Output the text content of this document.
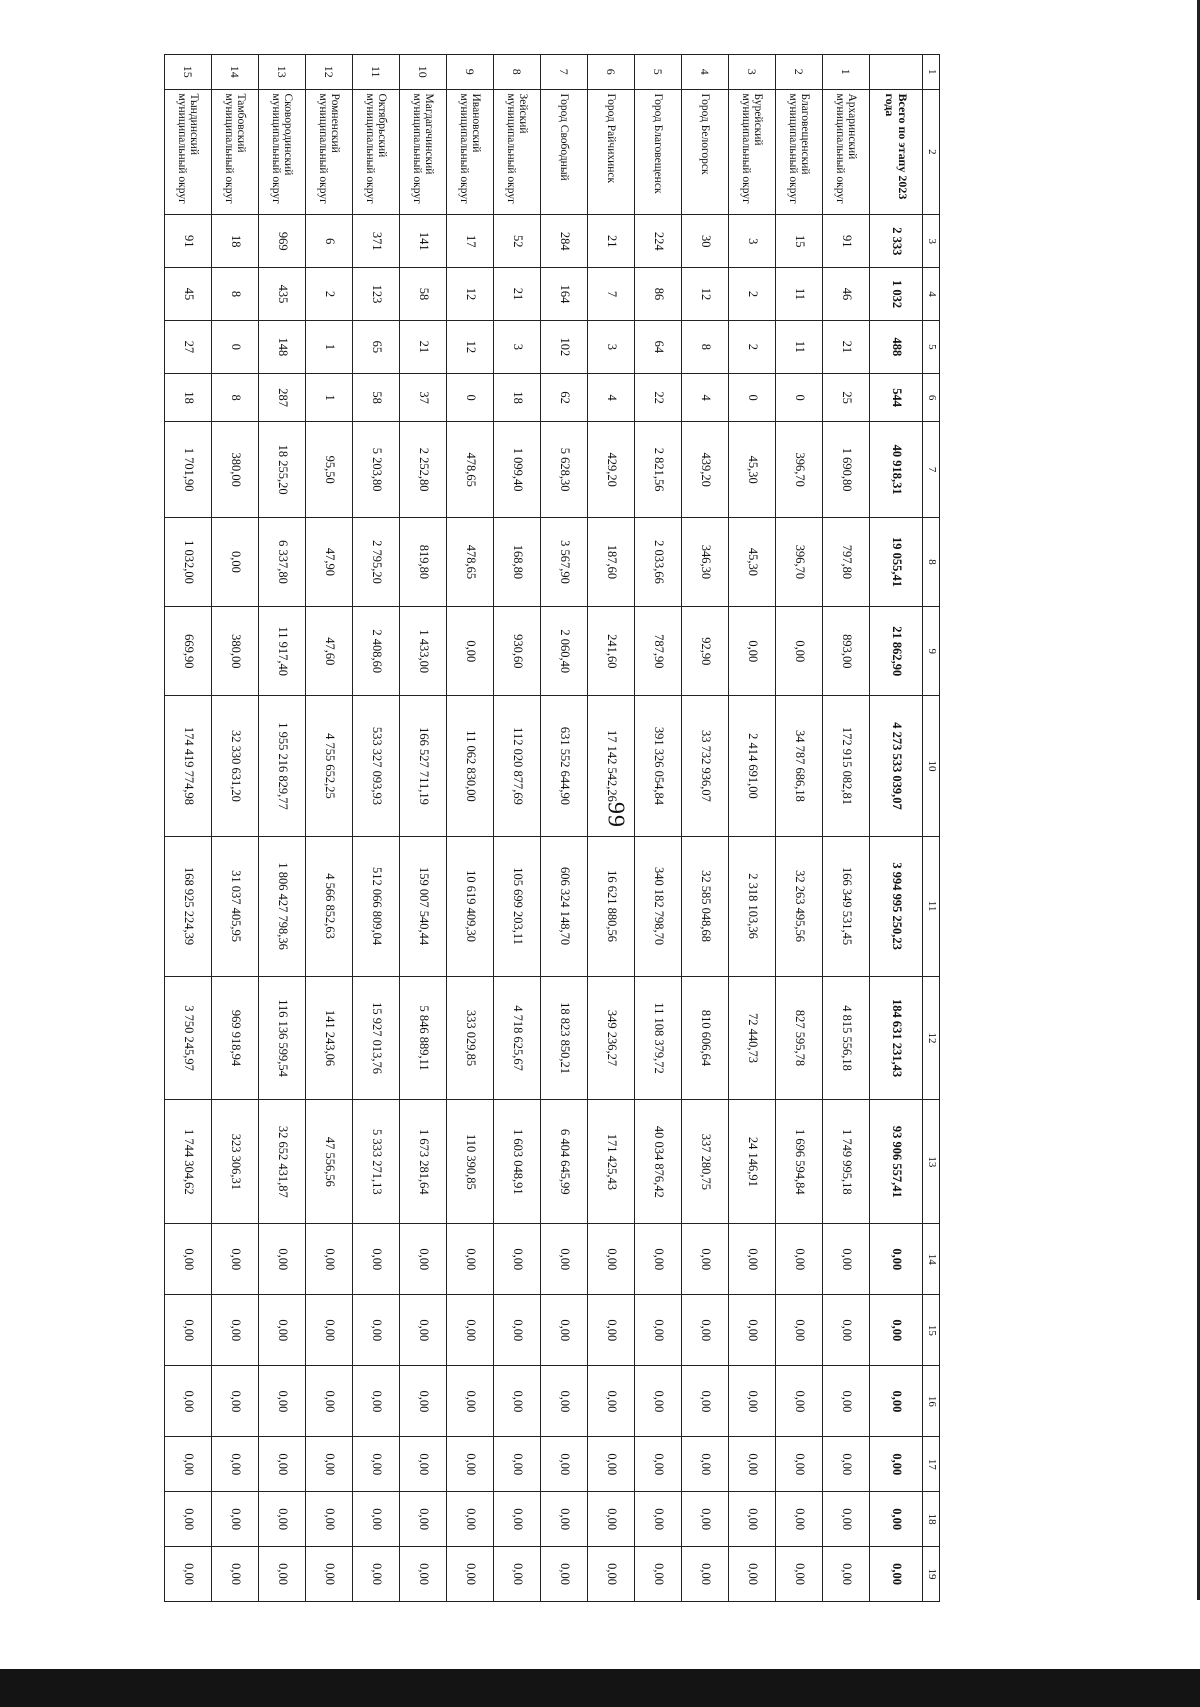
99
1	2	3	4	5	6	7	8	9	10	11	12	13	14	15	16	17	18	19
	Всего по этапу 2023 года	2 333	1 032	488	544	40 918,31	19 055,41	21 862,90	4 273 533 039,07	3 994 995 250,23	184 631 231,43	93 906 557,41	0,00	0,00	0,00	0,00	0,00	0,00
1	Архаринский муниципальный округ	91	46	21	25	1 690,80	797,80	893,00	172 915 082,81	166 349 531,45	4 815 556,18	1 749 995,18	0,00	0,00	0,00	0,00	0,00	0,00
2	Благовещенский муниципальный округ	15	11	11	0	396,70	396,70	0,00	34 787 686,18	32 263 495,56	827 595,78	1 696 594,84	0,00	0,00	0,00	0,00	0,00	0,00
3	Бурейский муниципальный округ	3	2	2	0	45,30	45,30	0,00	2 414 691,00	2 318 103,36	72 440,73	24 146,91	0,00	0,00	0,00	0,00	0,00	0,00
4	Город Белогорск	30	12	8	4	439,20	346,30	92,90	33 732 936,07	32 585 048,68	810 606,64	337 280,75	0,00	0,00	0,00	0,00	0,00	0,00
5	Город Благовещенск	224	86	64	22	2 821,56	2 033,66	787,90	391 326 054,84	340 182 798,70	11 108 379,72	40 034 876,42	0,00	0,00	0,00	0,00	0,00	0,00
6	Город Райчихинск	21	7	3	4	429,20	187,60	241,60	17 142 542,26	16 621 880,56	349 236,27	171 425,43	0,00	0,00	0,00	0,00	0,00	0,00
7	Город Свободный	284	164	102	62	5 628,30	3 567,90	2 060,40	631 552 644,90	606 324 148,70	18 823 850,21	6 404 645,99	0,00	0,00	0,00	0,00	0,00	0,00
8	Зейский муниципальный округ	52	21	3	18	1 099,40	168,80	930,60	112 020 877,69	105 699 203,11	4 718 625,67	1 603 048,91	0,00	0,00	0,00	0,00	0,00	0,00
9	Ивановский муниципальный округ	17	12	12	0	478,65	478,65	0,00	11 062 830,00	10 619 409,30	333 029,85	110 390,85	0,00	0,00	0,00	0,00	0,00	0,00
10	Магдагачинский муниципальный округ	141	58	21	37	2 252,80	819,80	1 433,00	166 527 711,19	159 007 540,44	5 846 889,11	1 673 281,64	0,00	0,00	0,00	0,00	0,00	0,00
11	Октябрьский муниципальный округ	371	123	65	58	5 203,80	2 795,20	2 408,60	533 327 093,93	512 066 809,04	15 927 013,76	5 333 271,13	0,00	0,00	0,00	0,00	0,00	0,00
12	Ромненский муниципальный округ	6	2	1	1	95,50	47,90	47,60	4 755 652,25	4 566 852,63	141 243,06	47 556,56	0,00	0,00	0,00	0,00	0,00	0,00
13	Сковородинский муниципальный округ	969	435	148	287	18 255,20	6 337,80	11 917,40	1 955 216 829,77	1 806 427 798,36	116 136 599,54	32 652 431,87	0,00	0,00	0,00	0,00	0,00	0,00
14	Тамбовский муниципальный округ	18	8	0	8	380,00	0,00	380,00	32 330 631,20	31 037 405,95	969 918,94	323 306,31	0,00	0,00	0,00	0,00	0,00	0,00
15	Тындинский муниципальный округ	91	45	27	18	1 701,90	1 032,00	669,90	174 419 774,98	168 925 224,39	3 750 245,97	1 744 304,62	0,00	0,00	0,00	0,00	0,00	0,00
